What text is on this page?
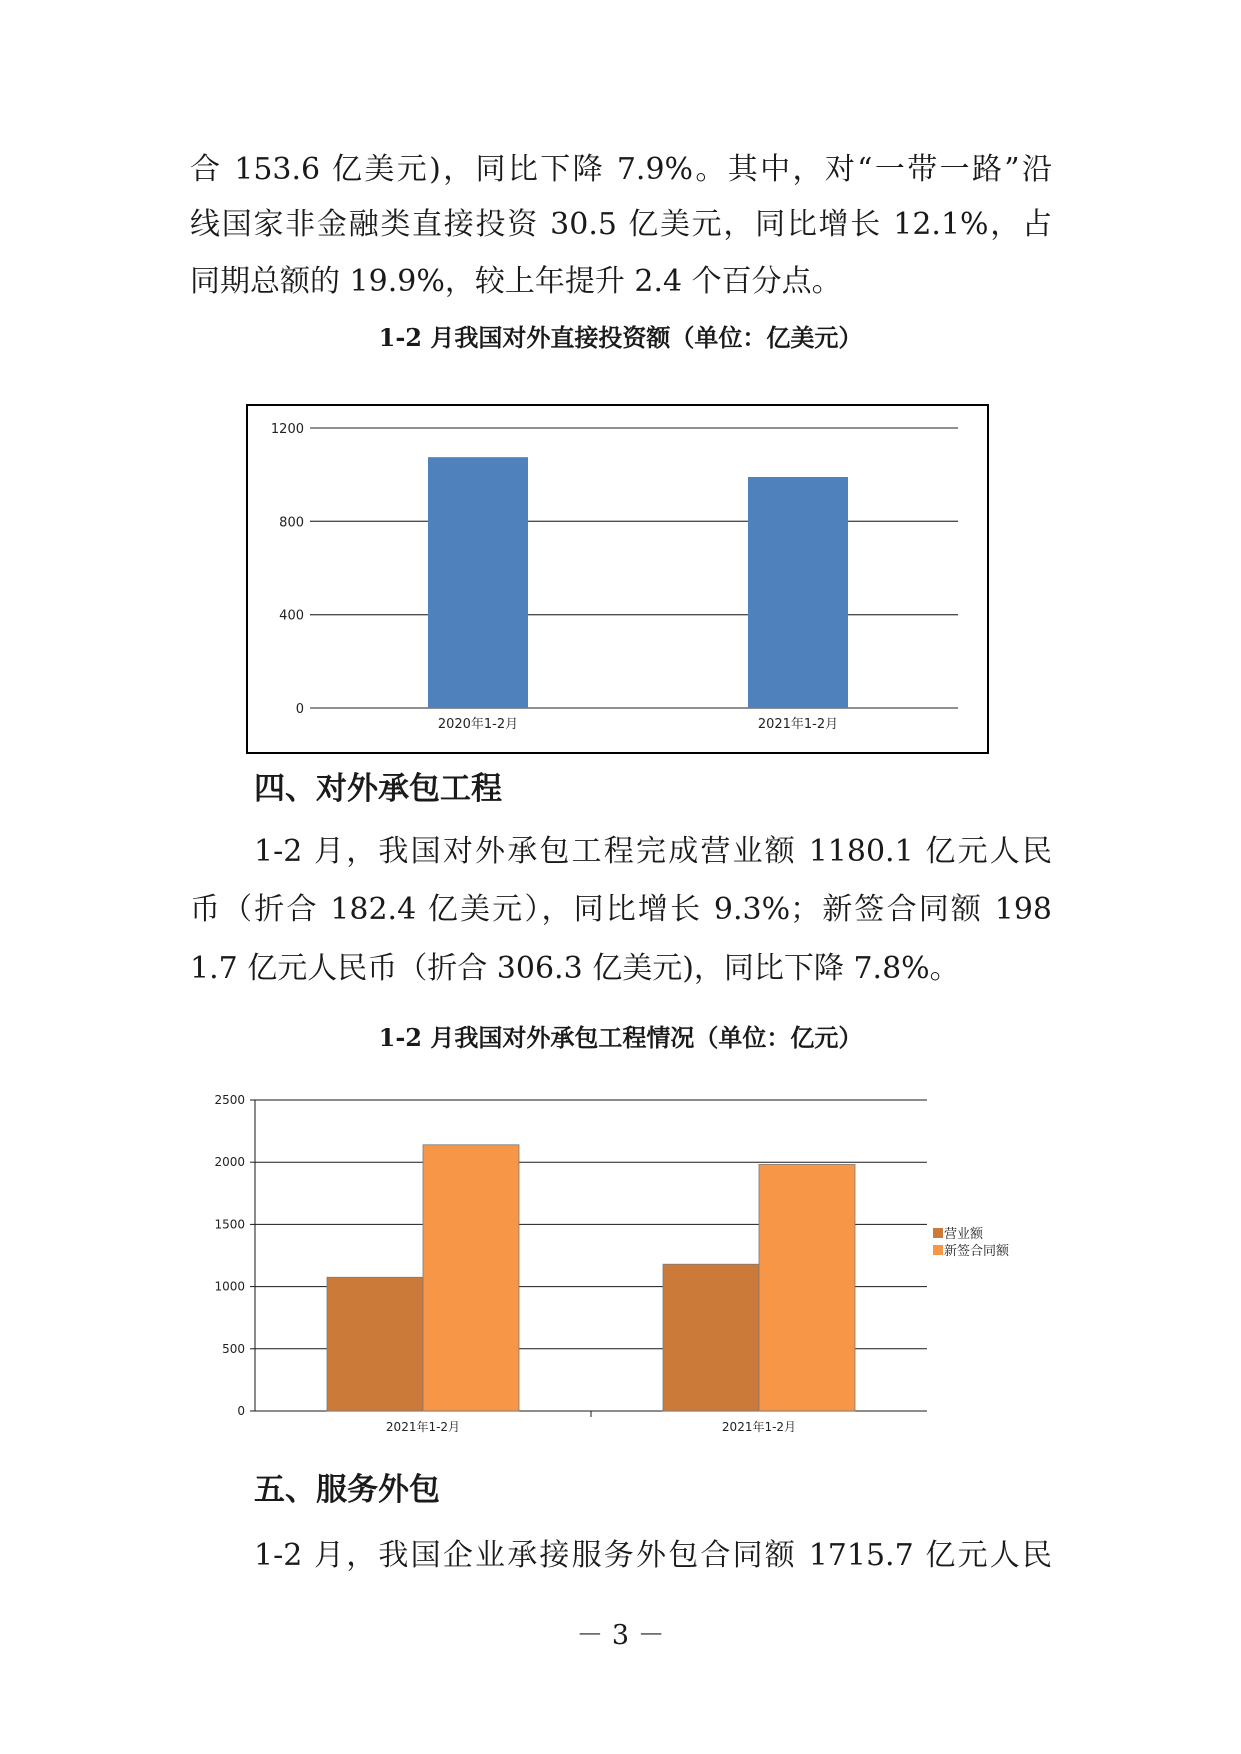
合 153.6 亿美元)，同比下降 7.9%。其中，对“一带一路”沿
线国家非金融类直接投资 30.5 亿美元，同比增长 12.1%，占
同期总额的 19.9%，较上年提升 2.4 个百分点。
1-2 月我国对外直接投资额（单位：亿美元）
0
400
800
1200
2020年1-2月	2021年1-2月
四、对外承包工程
1-2 月，我国对外承包工程完成营业额 1180.1 亿元人民
币（折合 182.4 亿美元），同比增长 9.3%；新签合同额 198
1.7 亿元人民币（折合 306.3 亿美元)，同比下降 7.8%。
1-2 月我国对外承包工程情况（单位：亿元）
0
500
1000
1500
2000
2500
2021年1-2月	2021年1-2月
营业额
新签合同额
五、服务外包
1-2 月，我国企业承接服务外包合同额 1715.7 亿元人民
－ 3 －
